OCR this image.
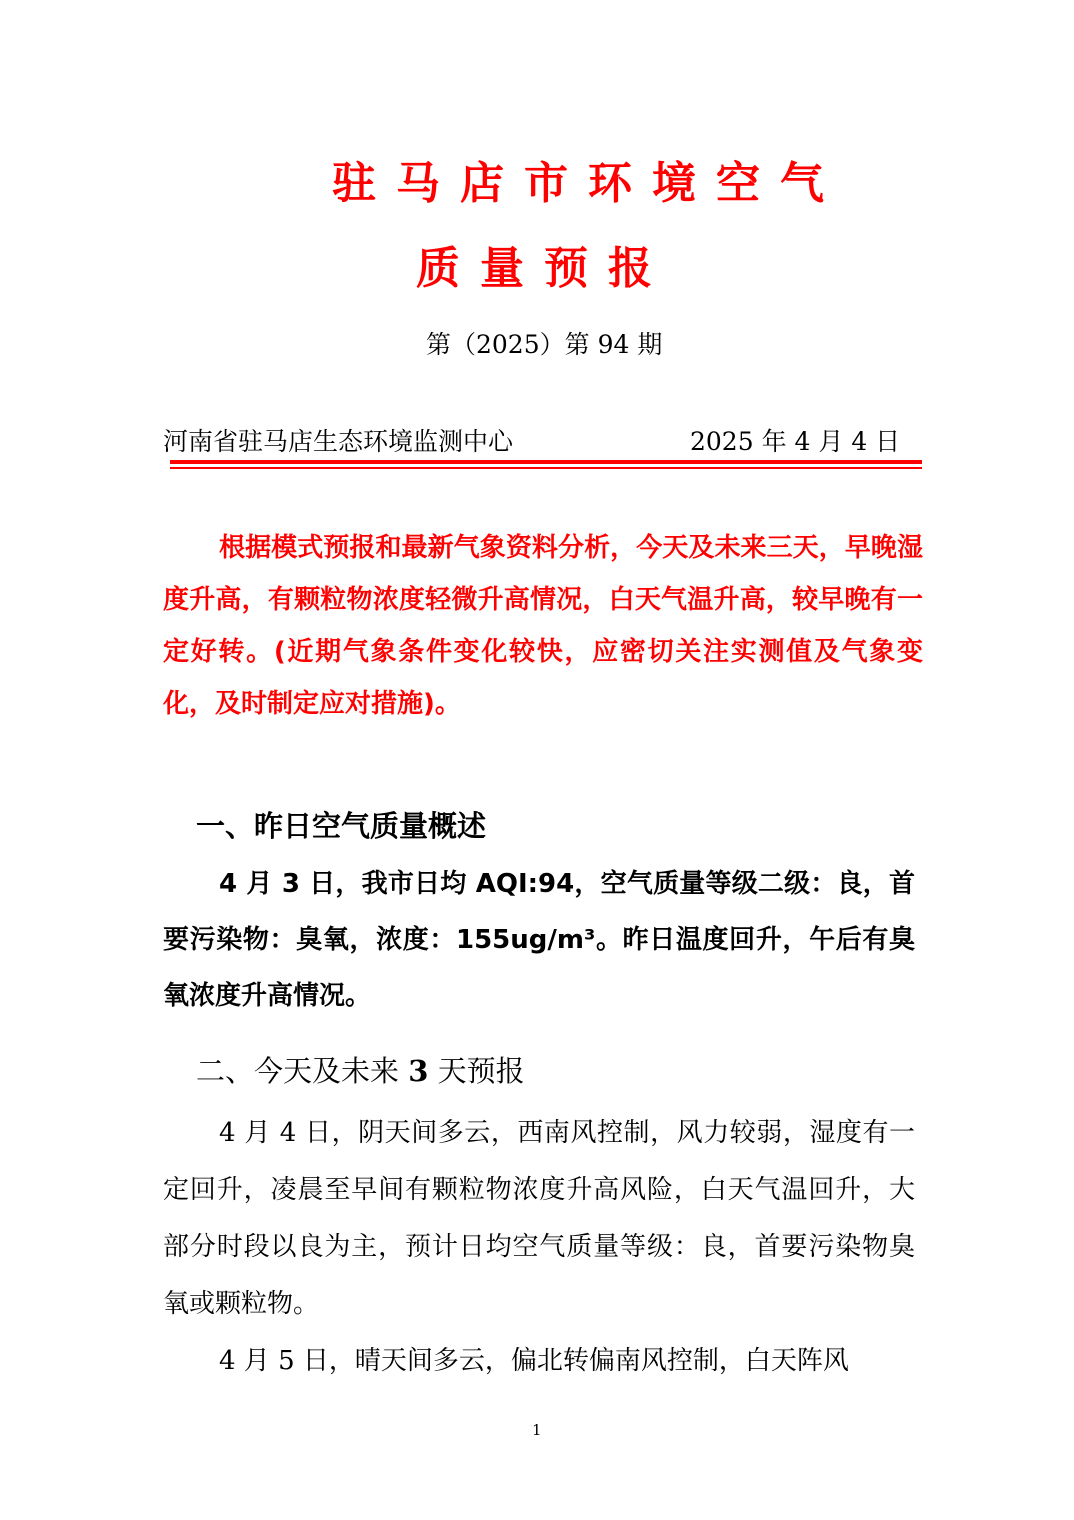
驻马店市环境空气
质量预报
第（2025）第 94 期
河南省驻马店生态环境监测中心	2025 年 4 月 4 日
根据模式预报和最新气象资料分析，今天及未来三天，早晚湿度升高，有颗粒物浓度轻微升高情况，白天气温升高，较早晚有一定好转。(近期气象条件变化较快，应密切关注实测值及气象变化，及时制定应对措施)。
一、昨日空气质量概述
4 月 3 日，我市日均 AQI:94，空气质量等级二级：良，首要污染物：臭氧，浓度：155ug/m³。昨日温度回升，午后有臭氧浓度升高情况。
二、今天及未来 3 天预报
4 月 4 日，阴天间多云，西南风控制，风力较弱，湿度有一定回升，凌晨至早间有颗粒物浓度升高风险，白天气温回升，大部分时段以良为主，预计日均空气质量等级：良，首要污染物臭氧或颗粒物。
4 月 5 日，晴天间多云，偏北转偏南风控制，白天阵风
1
